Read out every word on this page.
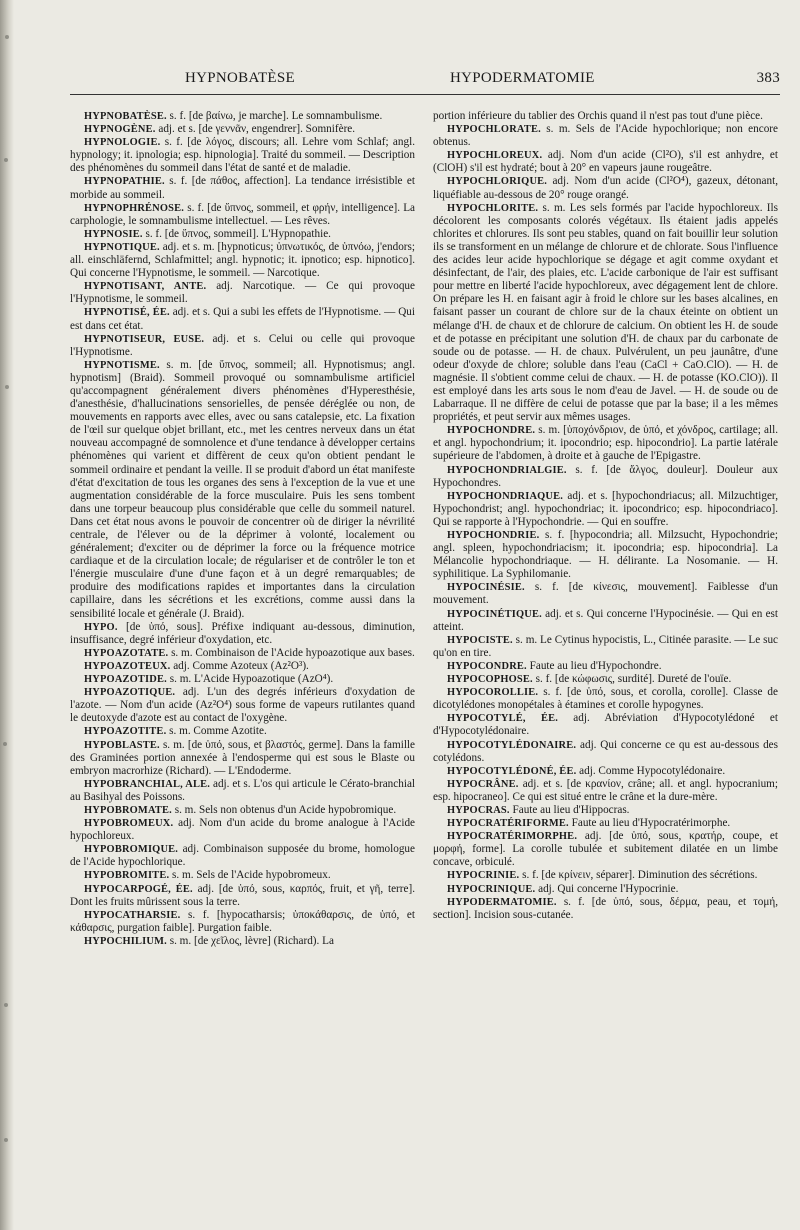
HYPNOBATÈSE	HYPODERMATOMIE	383

HYPNOBATÈSE. s. f. [de βαίνω, je marche]. Le somnambulisme.

HYPNOGÈNE. adj. et s. [de γεννᾶν, engendrer]. Somnifère.

HYPNOLOGIE. s. f. [de λόγος, discours; all. Lehre vom Schlaf; angl. hypnology; it. ipnologia; esp. hipnologia]. Traité du sommeil. — Description des phénomènes du sommeil dans l'état de santé et de maladie.

HYPNOPATHIE. s. f. [de πάθος, affection]. La tendance irrésistible et morbide au sommeil.

HYPNOPHRÉNOSE. s. f. [de ὕπνος, sommeil, et φρήν, intelligence]. La carphologie, le somnambulisme intellectuel. — Les rêves.

HYPNOSIE. s. f. [de ὕπνος, sommeil]. L'Hypnopathie.

HYPNOTIQUE. adj. et s. m. [hypnoticus; ὑπνωτικός, de ὑπνόω, j'endors; all. einschläfernd, Schlafmittel; angl. hypnotic; it. ipnotico; esp. hipnotico]. Qui concerne l'Hypnotisme, le sommeil. — Narcotique.

HYPNOTISANT, ANTE. adj. Narcotique. — Ce qui provoque l'Hypnotisme, le sommeil.

HYPNOTISÉ, ÉE. adj. et s. Qui a subi les effets de l'Hypnotisme. — Qui est dans cet état.

HYPNOTISEUR, EUSE. adj. et s. Celui ou celle qui provoque l'Hypnotisme.

HYPNOTISME. s. m. [de ὕπνος, sommeil; all. Hypnotismus; angl. hypnotism] (Braid). Sommeil provoqué ou somnambulisme artificiel qu'accompagnent généralement divers phénomènes d'Hyperesthésie, d'anesthésie, d'hallucinations sensorielles, de pensée déréglée ou non, de mouvements en rapports avec elles, avec ou sans catalepsie, etc. La fixation de l'œil sur quelque objet brillant, etc., met les centres nerveux dans un état nouveau accompagné de somnolence et d'une tendance à développer certains phénomènes qui varient et diffèrent de ceux qu'on obtient pendant le sommeil ordinaire et pendant la veille. Il se produit d'abord un état manifeste d'état d'excitation de tous les organes des sens à l'exception de la vue et une augmentation considérable de la force musculaire. Puis les sens tombent dans une torpeur beaucoup plus considérable que celle du sommeil naturel. Dans cet état nous avons le pouvoir de concentrer où de diriger la névrilité centrale, de l'élever ou de la déprimer à volonté, localement ou généralement; d'exciter ou de déprimer la force ou la fréquence motrice cardiaque et de la circulation locale; de régulariser et de contrôler le ton et l'énergie musculaire d'une d'une façon et à un degré remarquables; de produire des modifications rapides et importantes dans la circulation capillaire, dans les sécrétions et les excrétions, comme aussi dans la sensibilité locale et générale (J. Braid).

HYPO. [de ὑπό, sous]. Préfixe indiquant au-dessous, diminution, insuffisance, degré inférieur d'oxydation, etc.

HYPOAZOTATE. s. m. Combinaison de l'Acide hypoazotique aux bases.

HYPOAZOTEUX. adj. Comme Azoteux (Az²O³).

HYPOAZOTIDE. s. m. L'Acide Hypoazotique (AzO⁴).

HYPOAZOTIQUE. adj. L'un des degrés inférieurs d'oxydation de l'azote. — Nom d'un acide (Az²O⁴) sous forme de vapeurs rutilantes quand le deutoxyde d'azote est au contact de l'oxygène.

HYPOAZOTITE. s. m. Comme Azotite.

HYPOBLASTE. s. m. [de ὑπό, sous, et βλαστός, germe]. Dans la famille des Graminées portion annexée à l'endosperme qui est sous le Blaste ou embryon macrorhize (Richard). — L'Endoderme.

HYPOBRANCHIAL, ALE. adj. et s. L'os qui articule le Cérato-branchial au Basihyal des Poissons.

HYPOBROMATE. s. m. Sels non obtenus d'un Acide hypobromique.

HYPOBROMEUX. adj. Nom d'un acide du brome analogue à l'Acide hypochloreux.

HYPOBROMIQUE. adj. Combinaison supposée du brome, homologue de l'Acide hypochlorique.

HYPOBROMITE. s. m. Sels de l'Acide hypobromeux.

HYPOCARPOGÉ, ÉE. adj. [de ὑπό, sous, καρπός, fruit, et γῆ, terre]. Dont les fruits mûrissent sous la terre.

HYPOCATHARSIE. s. f. [hypocatharsis; ὑποκάθαρσις, de ὑπό, et κάθαρσις, purgation faible]. Purgation faible.

HYPOCHILIUM. s. m. [de χεῖλος, lèvre] (Richard). La

portion inférieure du tablier des Orchis quand il n'est pas tout d'une pièce.

HYPOCHLORATE. s. m. Sels de l'Acide hypochlorique; non encore obtenus.

HYPOCHLOREUX. adj. Nom d'un acide (Cl²O), s'il est anhydre, et (ClOH) s'il est hydraté; bout à 20° en vapeurs jaune rougeâtre.

HYPOCHLORIQUE. adj. Nom d'un acide (Cl²O⁴), gazeux, détonant, liquéfiable au-dessous de 20° rouge orangé.

HYPOCHLORITE. s. m. Les sels formés par l'acide hypochloreux. Ils décolorent les composants colorés végétaux. Ils étaient jadis appelés chlorites et chlorures. Ils sont peu stables, quand on fait bouillir leur solution ils se transforment en un mélange de chlorure et de chlorate. Sous l'influence des acides leur acide hypochlorique se dégage et agit comme oxydant et désinfectant, de l'air, des plaies, etc. L'acide carbonique de l'air est suffisant pour mettre en liberté l'acide hypochloreux, avec dégagement lent de chlore. On prépare les H. en faisant agir à froid le chlore sur les bases alcalines, en faisant passer un courant de chlore sur de la chaux éteinte on obtient un mélange d'H. de chaux et de chlorure de calcium. On obtient les H. de soude et de potasse en précipitant une solution d'H. de chaux par du carbonate de soude ou de potasse. — H. de chaux. Pulvérulent, un peu jaunâtre, d'une odeur d'oxyde de chlore; soluble dans l'eau (CaCl + CaO.ClO). — H. de magnésie. Il s'obtient comme celui de chaux. — H. de potasse (KO.ClO)). Il est employé dans les arts sous le nom d'eau de Javel. — H. de soude ou de Labarraque. Il ne diffère de celui de potasse que par la base; il a les mêmes propriétés, et peut servir aux mêmes usages.

HYPOCHONDRE. s. m. [ὑποχόνδριον, de ὑπό, et χόνδρος, cartilage; all. et angl. hypochondrium; it. ipocondrio; esp. hipocondrio]. La partie latérale supérieure de l'abdomen, à droite et à gauche de l'Epigastre.

HYPOCHONDRIALGIE. s. f. [de ἄλγος, douleur]. Douleur aux Hypochondres.

HYPOCHONDRIAQUE. adj. et s. [hypochondriacus; all. Milzuchtiger, Hypochondrist; angl. hypochondriac; it. ipocondrico; esp. hipocondriaco]. Qui se rapporte à l'Hypochondrie. — Qui en souffre.

HYPOCHONDRIE. s. f. [hypocondria; all. Milzsucht, Hypochondrie; angl. spleen, hypochondriacism; it. ipocondria; esp. hipocondria]. La Mélancolie hypochondriaque. — H. délirante. La Nosomanie. — H. syphilitique. La Syphilomanie.

HYPOCINÉSIE. s. f. [de κίνεσις, mouvement]. Faiblesse d'un mouvement.

HYPOCINÉTIQUE. adj. et s. Qui concerne l'Hypocinésie. — Qui en est atteint.

HYPOCISTE. s. m. Le Cytinus hypocistis, L., Citinée parasite. — Le suc qu'on en tire.

HYPOCONDRE. Faute au lieu d'Hypochondre.

HYPOCOPHOSE. s. f. [de κώφωσις, surdité]. Dureté de l'ouïe.

HYPOCOROLLIE. s. f. [de ὑπό, sous, et corolla, corolle]. Classe de dicotylédones monopétales à étamines et corolle hypogynes.

HYPOCOTYLÉ, ÉE. adj. Abréviation d'Hypocotylédoné et d'Hypocotylédonaire.

HYPOCOTYLÉDONAIRE. adj. Qui concerne ce qu est au-dessous des cotylédons.

HYPOCOTYLÉDONÉ, ÉE. adj. Comme Hypocotylédonaire.

HYPOCRÂNE. adj. et s. [de κρανίον, crâne; all. et angl. hypocranium; esp. hipocraneo]. Ce qui est situé entre le crâne et la dure-mère.

HYPOCRAS. Faute au lieu d'Hippocras.

HYPOCRATÉRIFORME. Faute au lieu d'Hypocratérimorphe.

HYPOCRATÉRIMORPHE. adj. [de ὑπό, sous, κρατήρ, coupe, et μορφή, forme]. La corolle tubulée et subitement dilatée en un limbe concave, orbiculé.

HYPOCRINIE. s. f. [de κρίνειν, séparer]. Diminution des sécrétions.

HYPOCRINIQUE. adj. Qui concerne l'Hypocrinie.

HYPODERMATOMIE. s. f. [de ὑπό, sous, δέρμα, peau, et τομή, section]. Incision sous-cutanée.
